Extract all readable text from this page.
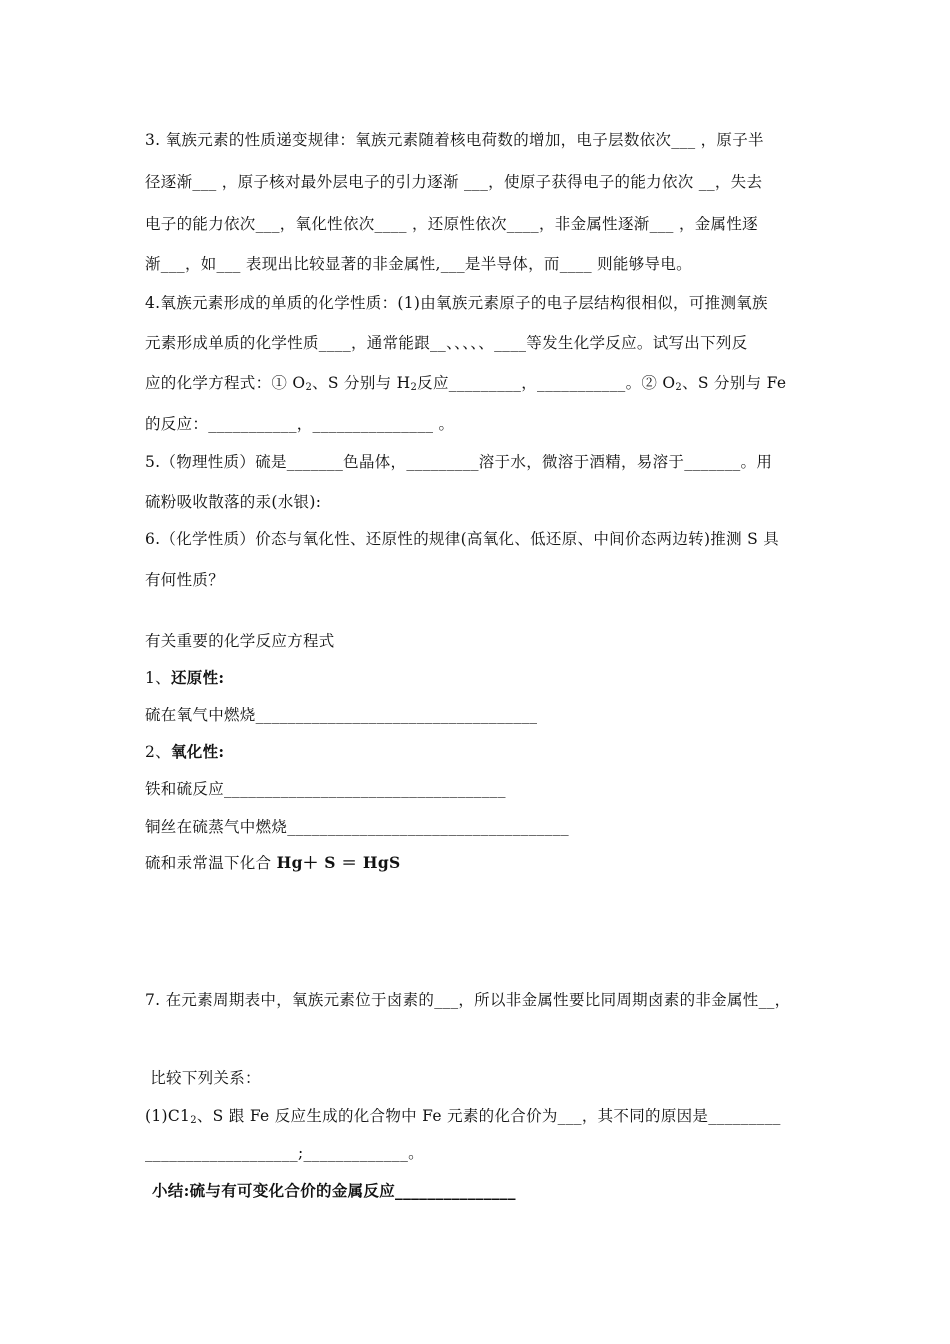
3. 氧族元素的性质递变规律：氧族元素随着核电荷数的增加，电子层数依次___ ，原子半
径逐渐___ ，原子核对最外层电子的引力逐渐 ___，使原子获得电子的能力依次 __，失去
电子的能力依次___，氧化性依次____ ，还原性依次____，非金属性逐渐___ ，金属性逐
渐___，如___ 表现出比较显著的非金属性,___是半导体，而____ 则能够导电。
4.氧族元素形成的单质的化学性质：(1)由氧族元素原子的电子层结构很相似，可推测氧族
元素形成单质的化学性质____，通常能跟__、、、、、____等发生化学反应。试写出下列反
应的化学方程式：① $O_2$、S 分别与 $H_2$反应_________，___________。② $O_2$、S 分别与 Fe
的反应：___________，_______________ 。
5.（物理性质）硫是_______色晶体，_________溶于水，微溶于酒精，易溶于_______。用
硫粉吸收散落的汞(水银):
6.（化学性质）价态与氧化性、还原性的规律(高氧化、低还原、中间价态两边转)推测 S 具
有何性质？
有关重要的化学反应方程式
1、还原性:
硫在氧气中燃烧___________________________________
2、氧化性:
铁和硫反应___________________________________
铜丝在硫蒸气中燃烧___________________________________
硫和汞常温下化合 Hg＋ S ＝ HgS
7. 在元素周期表中，氧族元素位于卤素的___，所以非金属性要比同周期卤素的非金属性__，
比较下列关系：
$(1)C1_2$、S 跟 Fe 反应生成的化合物中 Fe 元素的化合价为___，其不同的原因是_________
___________________;_____________。
小结:硫与有可变化合价的金属反应_______________
